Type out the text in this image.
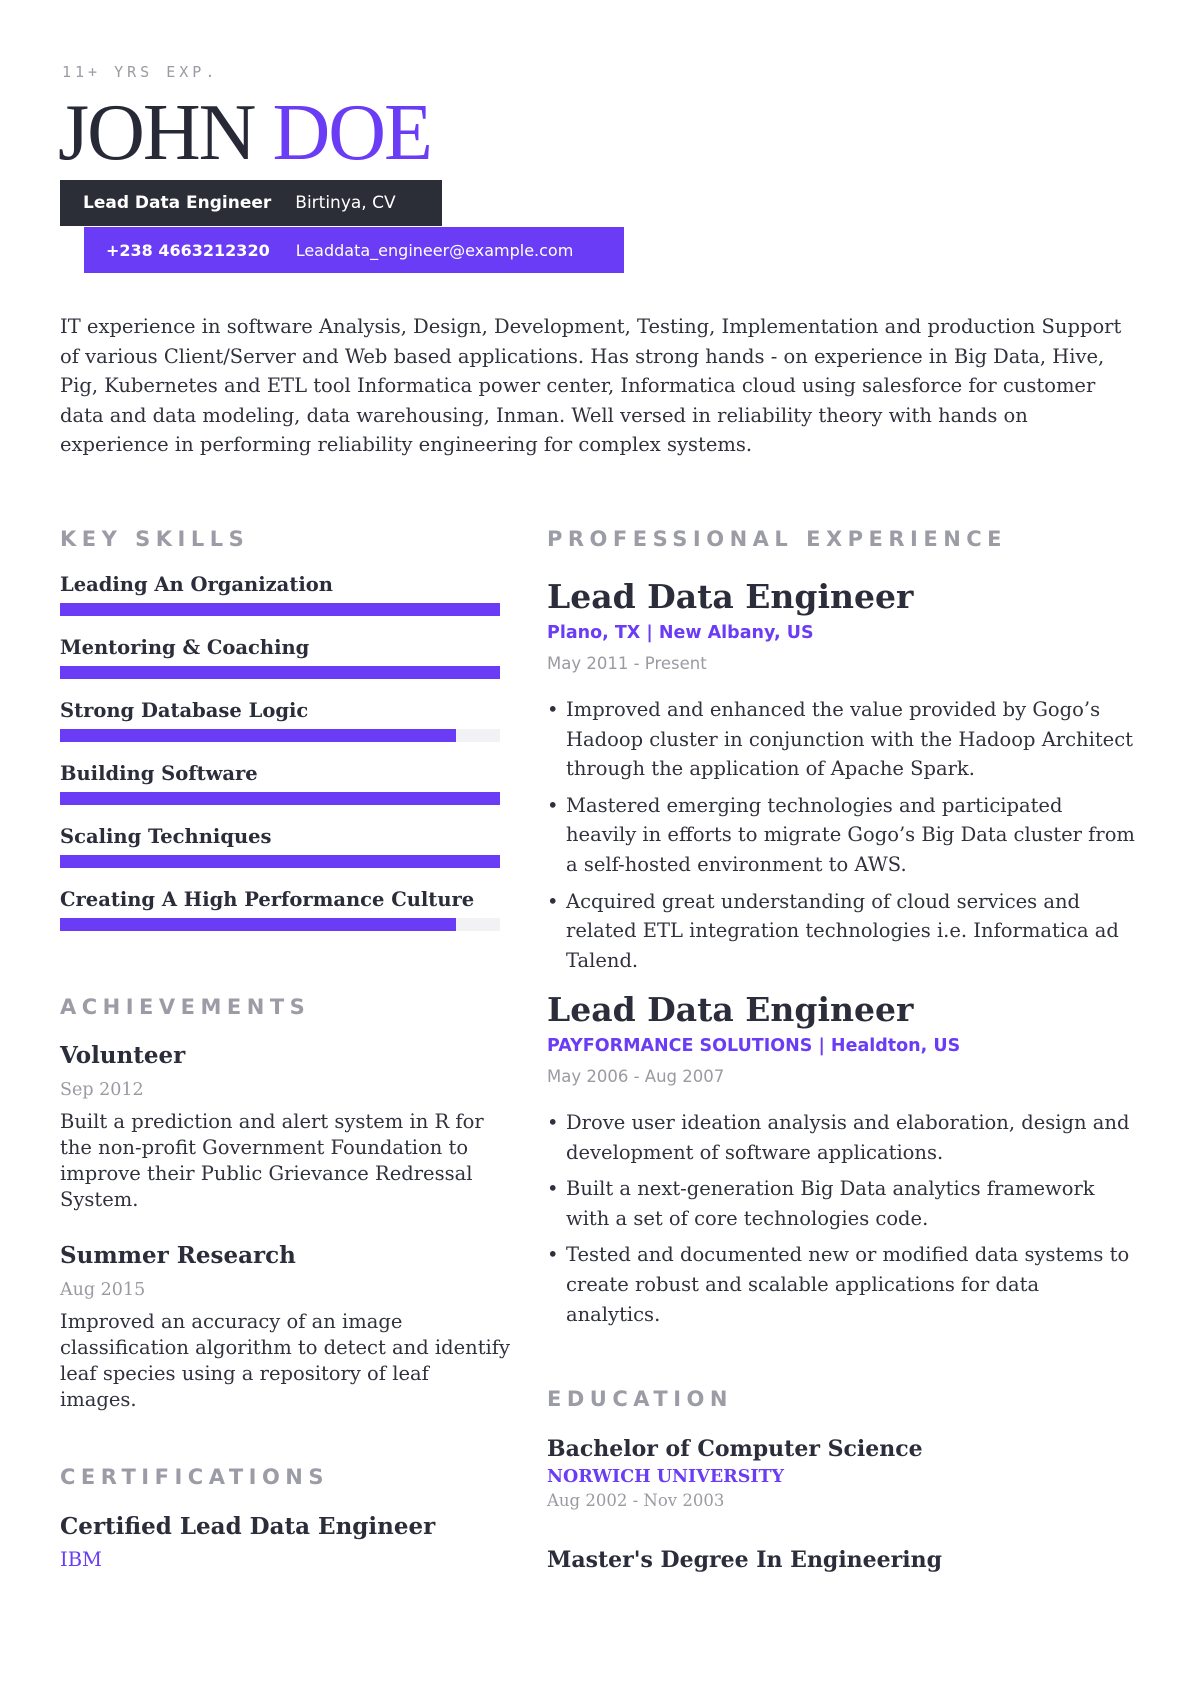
11+ YRS EXP.
JOHN DOE
Lead Data Engineer Birtinya, CV
+238 4663212320 Leaddata_engineer@example.com

IT experience in software Analysis, Design, Development, Testing, Implementation and production Support of various Client/Server and Web based applications. Has strong hands - on experience in Big Data, Hive, Pig, Kubernetes and ETL tool Informatica power center, Informatica cloud using salesforce for customer data and data modeling, data warehousing, Inman. Well versed in reliability theory with hands on experience in performing reliability engineering for complex systems.

KEY SKILLS
Leading An Organization
Mentoring & Coaching
Strong Database Logic
Building Software
Scaling Techniques
Creating A High Performance Culture
ACHIEVEMENTS
Volunteer
Sep 2012
Built a prediction and alert system in R for the non-profit Government Foundation to improve their Public Grievance Redressal System.
Summer Research
Aug 2015
Improved an accuracy of an image classification algorithm to detect and identify leaf species using a repository of leaf images.
CERTIFICATIONS
Certified Lead Data Engineer
IBM
PROFESSIONAL EXPERIENCE
Lead Data Engineer
Plano, TX | New Albany, US
May 2011 - Present
• Improved and enhanced the value provided by Gogo’s Hadoop cluster in conjunction with the Hadoop Architect through the application of Apache Spark.
• Mastered emerging technologies and participated heavily in efforts to migrate Gogo’s Big Data cluster from a self-hosted environment to AWS.
• Acquired great understanding of cloud services and related ETL integration technologies i.e. Informatica ad Talend.
Lead Data Engineer
PAYFORMANCE SOLUTIONS | Healdton, US
May 2006 - Aug 2007
• Drove user ideation analysis and elaboration, design and development of software applications.
• Built a next-generation Big Data analytics framework with a set of core technologies code.
• Tested and documented new or modified data systems to create robust and scalable applications for data analytics.
EDUCATION
Bachelor of Computer Science
NORWICH UNIVERSITY
Aug 2002 - Nov 2003
Master's Degree In Engineering
